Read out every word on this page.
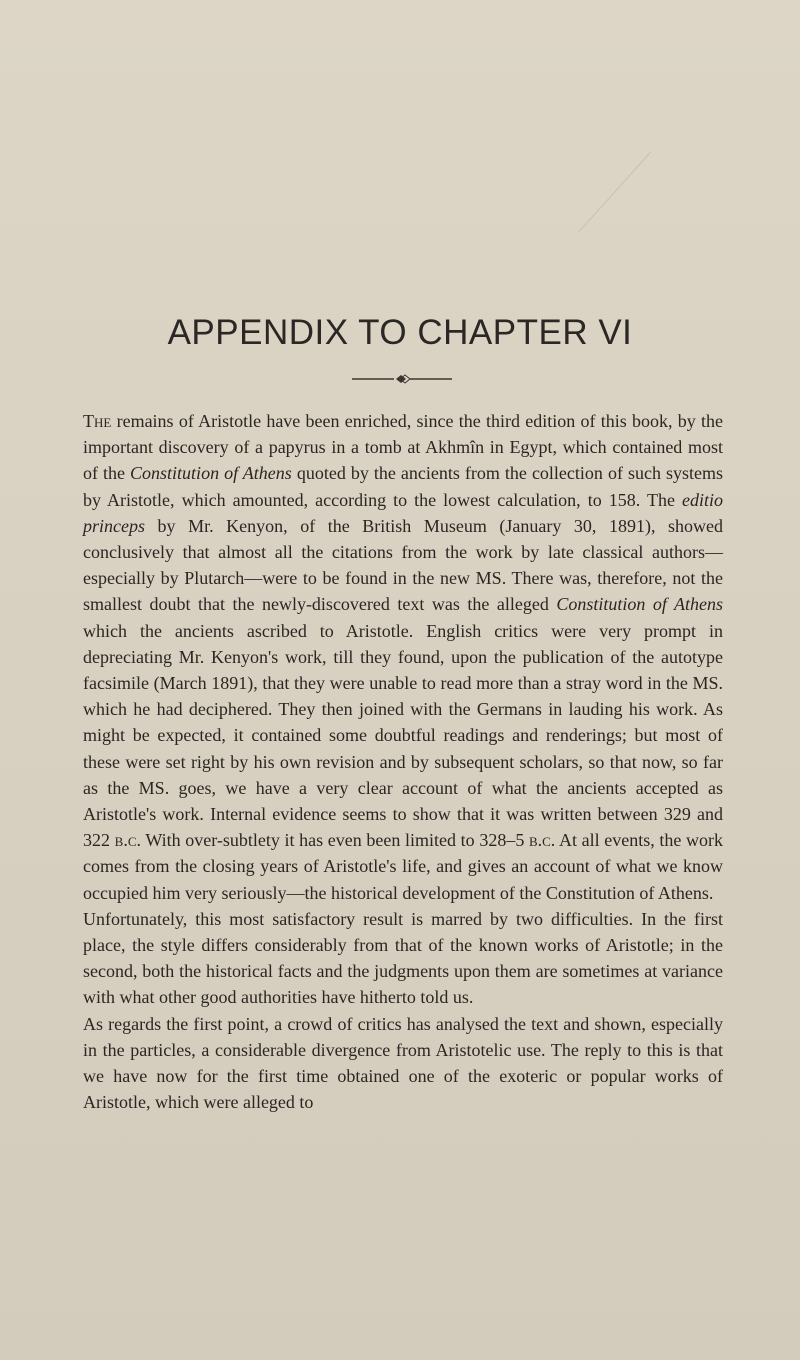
APPENDIX TO CHAPTER VI

The remains of Aristotle have been enriched, since the third edition of this book, by the important discovery of a papyrus in a tomb at Akhmîn in Egypt, which contained most of the Constitution of Athens quoted by the ancients from the collection of such systems by Aristotle, which amounted, according to the lowest calculation, to 158. The editio princeps by Mr. Kenyon, of the British Museum (January 30, 1891), showed conclusively that almost all the citations from the work by late classical authors—especially by Plutarch—were to be found in the new MS. There was, therefore, not the smallest doubt that the newly-discovered text was the alleged Constitution of Athens which the ancients ascribed to Aristotle. English critics were very prompt in depreciating Mr. Kenyon's work, till they found, upon the publication of the autotype facsimile (March 1891), that they were unable to read more than a stray word in the MS. which he had deciphered. They then joined with the Germans in lauding his work. As might be expected, it contained some doubtful readings and renderings; but most of these were set right by his own revision and by subsequent scholars, so that now, so far as the MS. goes, we have a very clear account of what the ancients accepted as Aristotle's work. Internal evidence seems to show that it was written between 329 and 322 b.c. With over-subtlety it has even been limited to 328–5 b.c. At all events, the work comes from the closing years of Aristotle's life, and gives an account of what we know occupied him very seriously—the historical development of the Constitution of Athens.

Unfortunately, this most satisfactory result is marred by two difficulties. In the first place, the style differs considerably from that of the known works of Aristotle; in the second, both the historical facts and the judgments upon them are sometimes at variance with what other good authorities have hitherto told us.

As regards the first point, a crowd of critics has analysed the text and shown, especially in the particles, a considerable divergence from Aristotelic use. The reply to this is that we have now for the first time obtained one of the exoteric or popular works of Aristotle, which were alleged to
